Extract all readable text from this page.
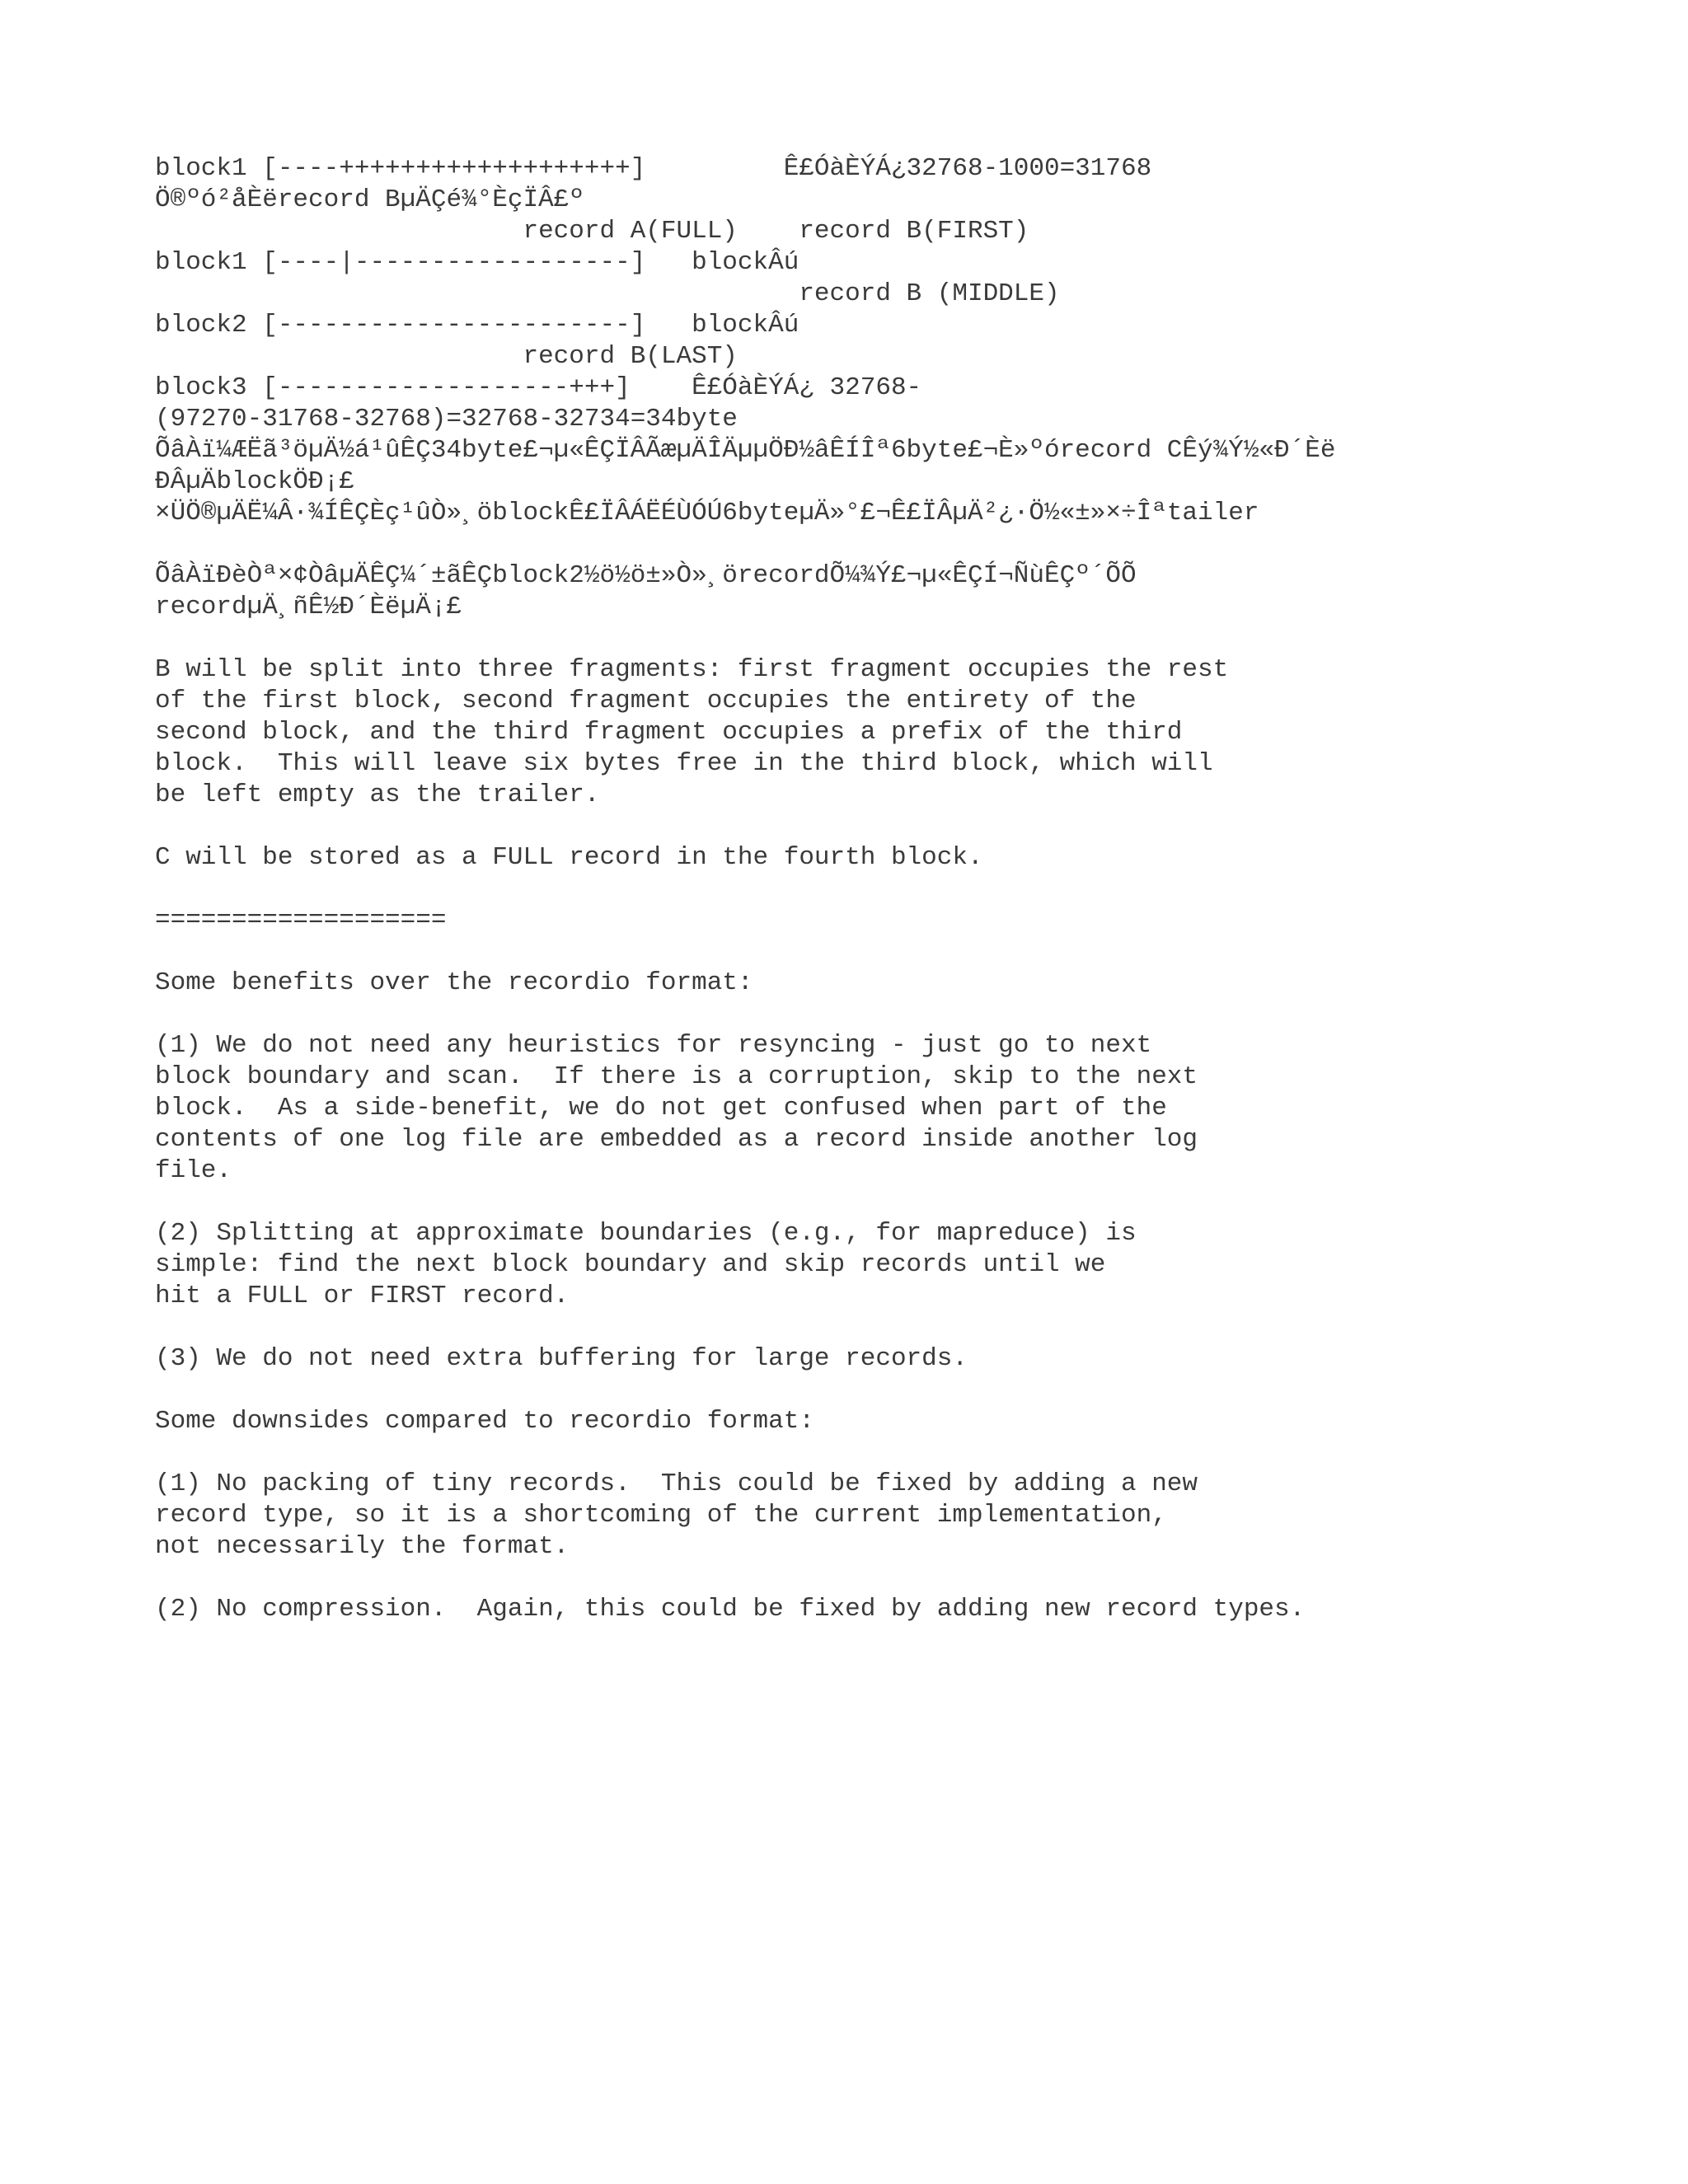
block1 [----+++++++++++++++++++]         Ê£ÓàÈÝÁ¿32768-1000=31768
Ö®ºó²åÈërecord BµÄÇé¾°ÈçÏÂ£º
record A(FULL)    record B(FIRST)
block1 [----|------------------]   blockÂú
record B (MIDDLE)
block2 [-----------------------]   blockÂú
record B(LAST)
block3 [-------------------+++]    Ê£ÓàÈÝÁ¿ 32768-
(97270-31768-32768)=32768-32734=34byte
ÕâÀï¼ÆËã³öµÄ½á¹ûÊÇ34byte£¬µ«ÊÇÏÂÃæµÄÎÄµµÖÐ½âÊÍÎª6byte£¬È»ºórecord CÊý¾Ý½«Ð´Èë
ÐÂµÄblockÖÐ¡£
×ÜÖ®µÄË¼Â·¾ÍÊÇÈç¹ûÒ»¸öblockÊ£ÏÂÁËÉÙÓÚ6byteµÄ»°£¬Ê£ÏÂµÄ²¿·Ö½«±»×÷Îªtailer
ÕâÀïÐèÒª×¢ÒâµÄÊÇ¼´±ãÊÇblock2½ö½ö±»Ò»¸örecordÕ¼¾Ý£¬µ«ÊÇÍ¬ÑùÊÇº´ÕÕ
recordµÄ¸ñÊ½Ð´ÈëµÄ¡£
B will be split into three fragments: first fragment occupies the rest
of the first block, second fragment occupies the entirety of the
second block, and the third fragment occupies a prefix of the third
block.  This will leave six bytes free in the third block, which will
be left empty as the trailer.
C will be stored as a FULL record in the fourth block.
===================
Some benefits over the recordio format:
(1) We do not need any heuristics for resyncing - just go to next
block boundary and scan.  If there is a corruption, skip to the next
block.  As a side-benefit, we do not get confused when part of the
contents of one log file are embedded as a record inside another log
file.
(2) Splitting at approximate boundaries (e.g., for mapreduce) is
simple: find the next block boundary and skip records until we
hit a FULL or FIRST record.
(3) We do not need extra buffering for large records.
Some downsides compared to recordio format:
(1) No packing of tiny records.  This could be fixed by adding a new
record type, so it is a shortcoming of the current implementation,
not necessarily the format.
(2) No compression.  Again, this could be fixed by adding new record types.
